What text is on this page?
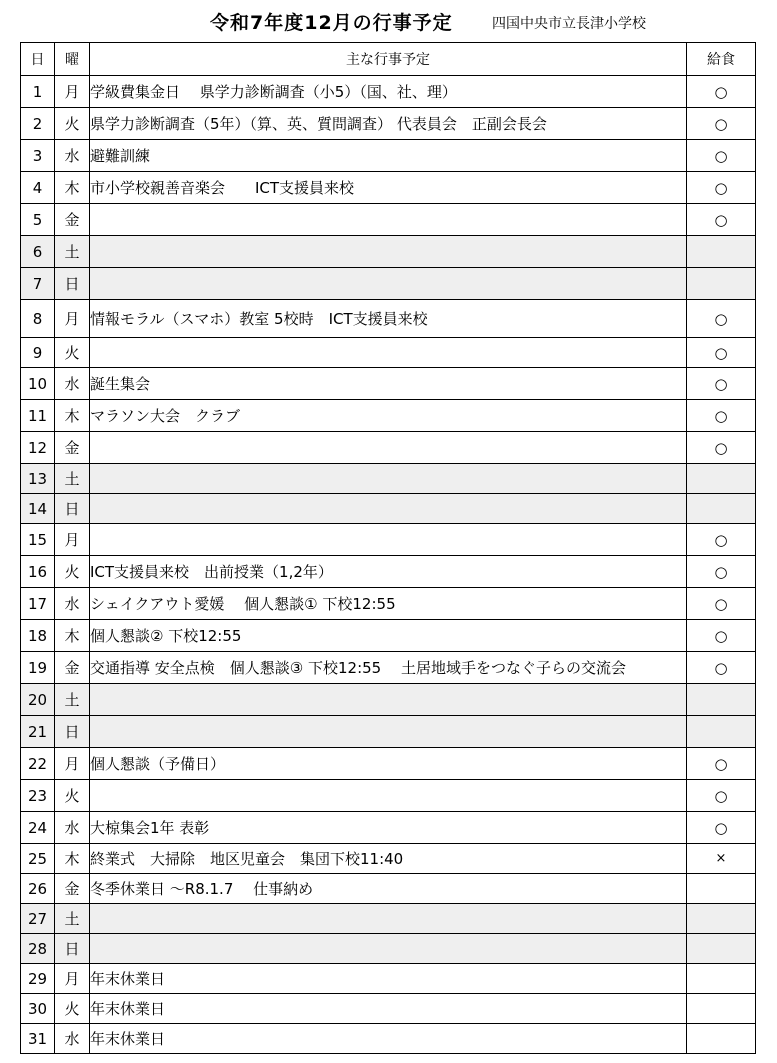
令和7年度12月の行事予定	四国中央市立長津小学校
日	曜	主な行事予定	給食
1	月	学級費集金日　 県学力診断調査（小5）（国、社、理）	○
2	火	県学力診断調査（5年）（算、英、質問調査） 代表員会　正副会長会	○
3	水	避難訓練	○
4	木	市小学校親善音楽会　　ICT支援員来校	○
5	金		○
6	土		
7	日		
8	月	情報モラル（スマホ）教室 5校時　ICT支援員来校	○
9	火		○
10	水	誕生集会	○
11	木	マラソン大会　クラブ	○
12	金		○
13	土		
14	日		
15	月		○
16	火	ICT支援員来校　出前授業（1,2年）	○
17	水	シェイクアウト愛媛　 個人懇談① 下校12:55	○
18	木	個人懇談② 下校12:55	○
19	金	交通指導 安全点検　個人懇談③ 下校12:55　 土居地域手をつなぐ子らの交流会	○
20	土		
21	日		
22	月	個人懇談（予備日）	○
23	火		○
24	水	大椋集会1年 表彰	○
25	木	終業式　大掃除　地区児童会　集団下校11:40	×
26	金	冬季休業日 ～R8.1.7　 仕事納め	
27	土		
28	日		
29	月	年末休業日	
30	火	年末休業日	
31	水	年末休業日	
